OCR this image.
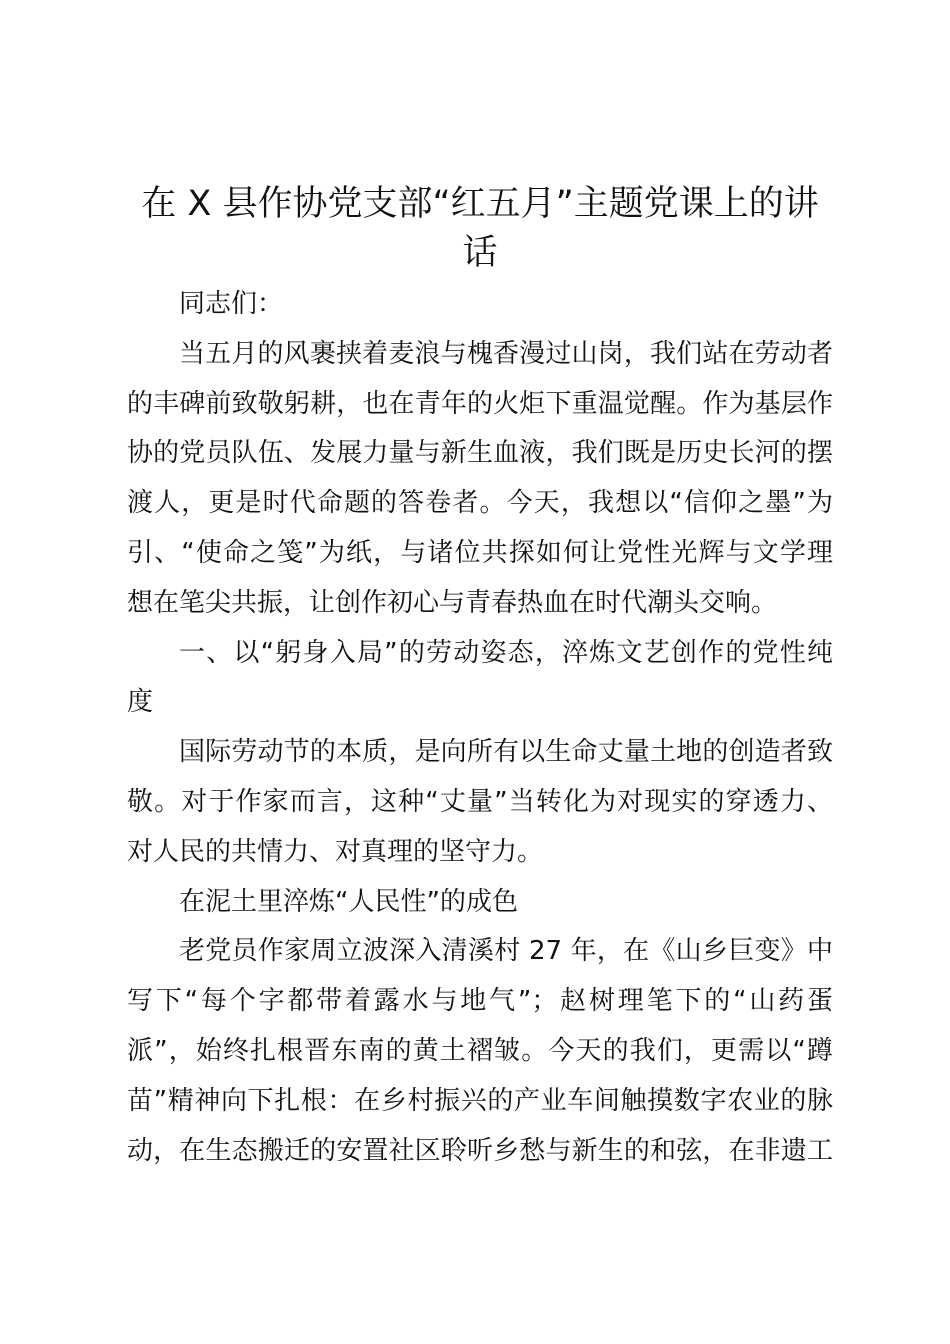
在 X 县作协党支部“红五月”主题党课上的讲
话
同志们：
当五月的风裹挟着麦浪与槐香漫过山岗，我们站在劳动者
的丰碑前致敬躬耕，也在青年的火炬下重温觉醒。作为基层作
协的党员队伍、发展力量与新生血液，我们既是历史长河的摆
渡人，更是时代命题的答卷者。今天，我想以“信仰之墨”为
引、“使命之笺”为纸，与诸位共探如何让党性光辉与文学理
想在笔尖共振，让创作初心与青春热血在时代潮头交响。
一、以“躬身入局”的劳动姿态，淬炼文艺创作的党性纯
度
国际劳动节的本质，是向所有以生命丈量土地的创造者致
敬。对于作家而言，这种“丈量”当转化为对现实的穿透力、
对人民的共情力、对真理的坚守力。
在泥土里淬炼“人民性”的成色
老党员作家周立波深入清溪村 27 年，在《山乡巨变》中
写下“每个字都带着露水与地气”；赵树理笔下的“山药蛋
派”，始终扎根晋东南的黄土褶皱。今天的我们，更需以“蹲
苗”精神向下扎根：在乡村振兴的产业车间触摸数字农业的脉
动，在生态搬迁的安置社区聆听乡愁与新生的和弦，在非遗工
